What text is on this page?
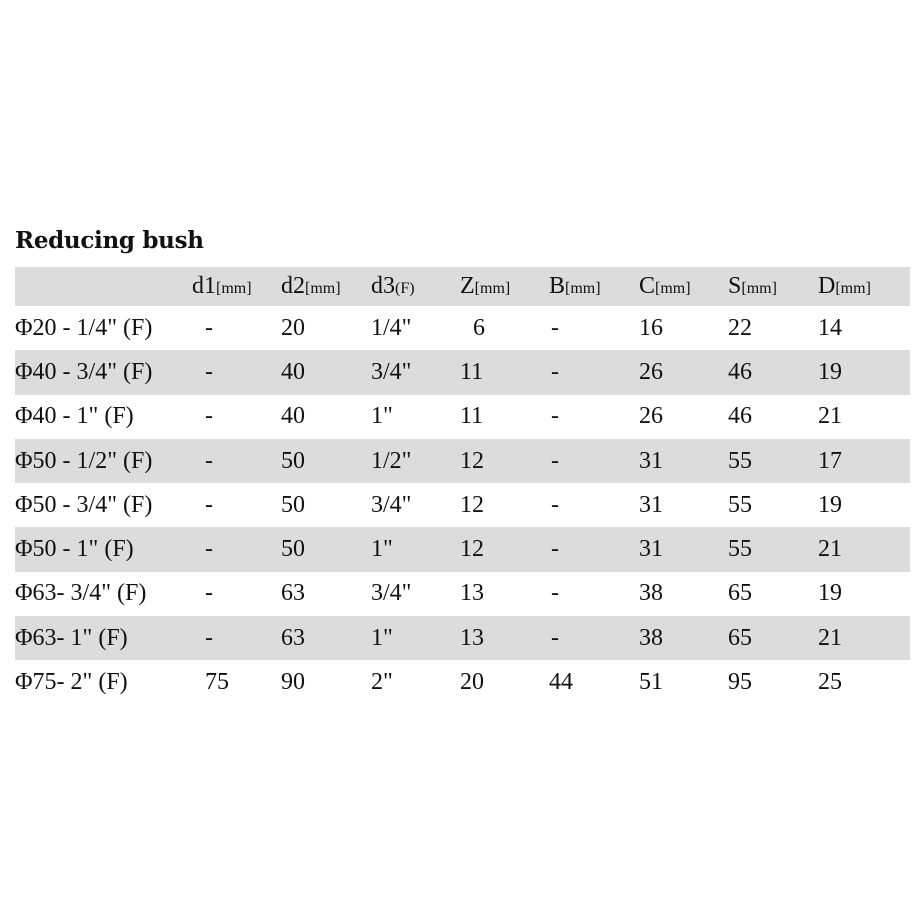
Reducing bush
	d1[mm]	d2[mm]	d3(F)	Z[mm]	B[mm]	C[mm]	S[mm]	D[mm]
Φ20 - 1/4" (F)	-	20	1/4"	6	-	16	22	14
Φ40 - 3/4" (F)	-	40	3/4"	11	-	26	46	19
Φ40 - 1" (F)	-	40	1"	11	-	26	46	21
Φ50 - 1/2" (F)	-	50	1/2"	12	-	31	55	17
Φ50 - 3/4" (F)	-	50	3/4"	12	-	31	55	19
Φ50 - 1" (F)	-	50	1"	12	-	31	55	21
Φ63- 3/4" (F)	-	63	3/4"	13	-	38	65	19
Φ63- 1" (F)	-	63	1"	13	-	38	65	21
Φ75- 2" (F)	75	90	2"	20	44	51	95	25
